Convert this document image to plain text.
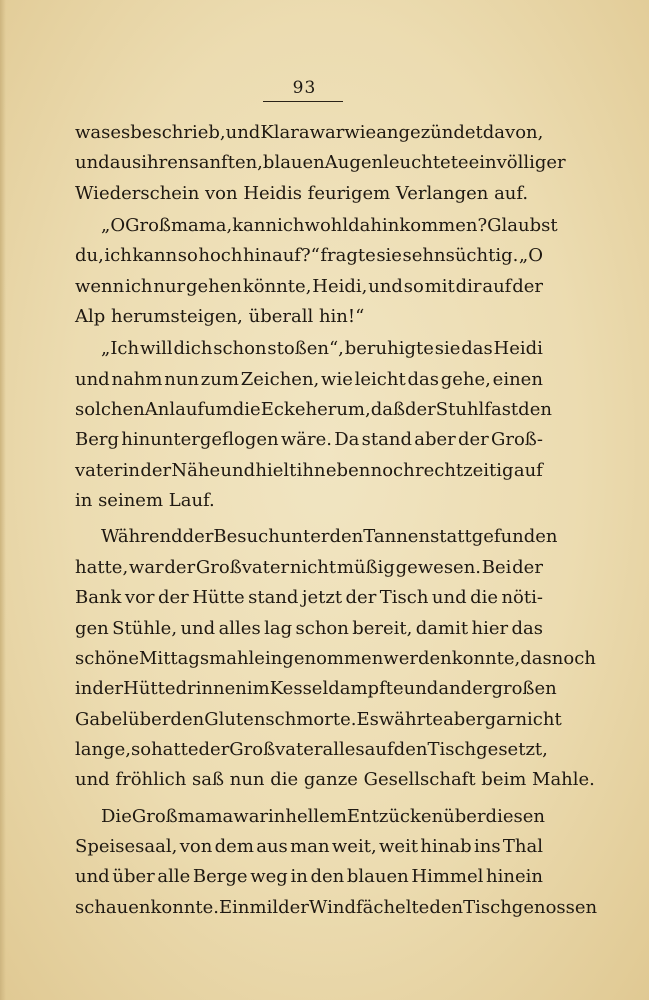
93
was es beschrieb, und Klara war wie angezündet davon,
und aus ihren sanften, blauen Augen leuchtete ein völliger
Wiederschein von Heidis feurigem Verlangen auf.
„O Großmama, kann ich wohl dahin kommen? Glaubst
du, ich kann so hoch hinauf?“ fragte sie sehnsüchtig. „O
wenn ich nur gehen könnte, Heidi, und so mit dir auf der
Alp herumsteigen, überall hin!“
„Ich will dich schon stoßen“, beruhigte sie das Heidi
und nahm nun zum Zeichen, wie leicht das gehe, einen
solchen Anlauf um die Ecke herum, daß der Stuhl fast den
Berg hinuntergeflogen wäre. Da stand aber der Groß-
vater in der Nähe und hielt ihn eben noch rechtzeitig auf
in seinem Lauf.
Während der Besuch unter den Tannen stattgefunden
hatte, war der Großvater nicht müßig gewesen. Bei der
Bank vor der Hütte stand jetzt der Tisch und die nöti-
gen Stühle, und alles lag schon bereit, damit hier das
schöne Mittagsmahl eingenommen werden konnte, das noch
in der Hütte drinnen im Kessel dampfte und an der großen
Gabel über den Gluten schmorte. Es währte aber gar nicht
lange, so hatte der Großvater alles auf den Tisch gesetzt,
und fröhlich saß nun die ganze Gesellschaft beim Mahle.
Die Großmama war in hellem Entzücken über diesen
Speisesaal, von dem aus man weit, weit hinab ins Thal
und über alle Berge weg in den blauen Himmel hinein
schauen konnte. Ein milder Wind fächelte den Tischgenossen
